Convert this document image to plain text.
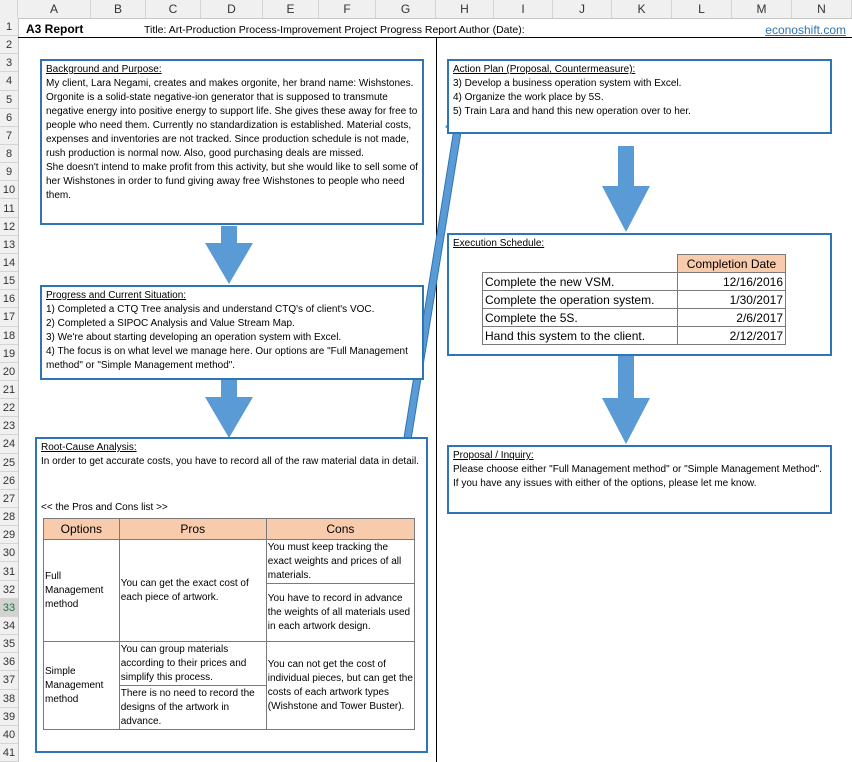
A	B	C	D	E	F	G	H	I	J	K	L	M	N
1
2
3
4
5
6
7
8
9
10
11
12
13
14
15
16
17
18
19
20
21
22
23
24
25
26
27
28
29
30
31
32
33
34
35
36
37
38
39
40
41
A3 Report	Title: Art-Production Process-Improvement Project Progress Report Author (Date):	econoshift.com
Background and Purpose:

My client, Lara Negami, creates and makes orgonite, her brand name: Wishstones. Orgonite is a solid-state negative-ion generator that is supposed to transmute negative energy into positive energy to support life. She gives these away for free to people who need them. Currently no standardization is established. Material costs, expenses and inventories are not tracked. Since production schedule is not made, rush production is normal now. Also, good purchasing deals are missed.

She doesn't intend to make profit from this activity, but she would like to sell some of her Wishstones in order to fund giving away free Wishstones to people who need them.

Progress and Current Situation:

1) Completed a CTQ Tree analysis and understand CTQ's of client's VOC.

2) Completed a SIPOC Analysis and Value Stream Map.

3) We're about starting developing an operation system with Excel.

4) The focus is on what level we manage here. Our options are "Full Management method" or "Simple Management method".

Root-Cause Analysis:

In order to get accurate costs, you have to record all of the raw material data in detail.

<< the Pros and Cons list >>

Options	Pros	Cons
Full Management method	You can get the exact cost of each piece of artwork.	You must keep tracking the exact weights and prices of all materials.
		You have to record in advance the weights of all materials used in each artwork design.
Simple Management method	You can group materials according to their prices and simplify this process.	You can not get the cost of individual pieces, but can get the costs of each artwork types (Wishstone and Tower Buster).
	There is no need to record the designs of the artwork in advance.	
Action Plan (Proposal, Countermeasure):

3) Develop a business operation system with Excel.

4) Organize the work place by 5S.

5) Train Lara and hand this new operation over to her.

Execution Schedule:
	Completion Date
Complete the new VSM.	12/16/2016
Complete the operation system.	1/30/2017
Complete the 5S.	2/6/2017
Hand this system to the client.	2/12/2017
Proposal / Inquiry:

Please choose either "Full Management method" or "Simple Management Method". If you have any issues with either of the options, please let me know.
